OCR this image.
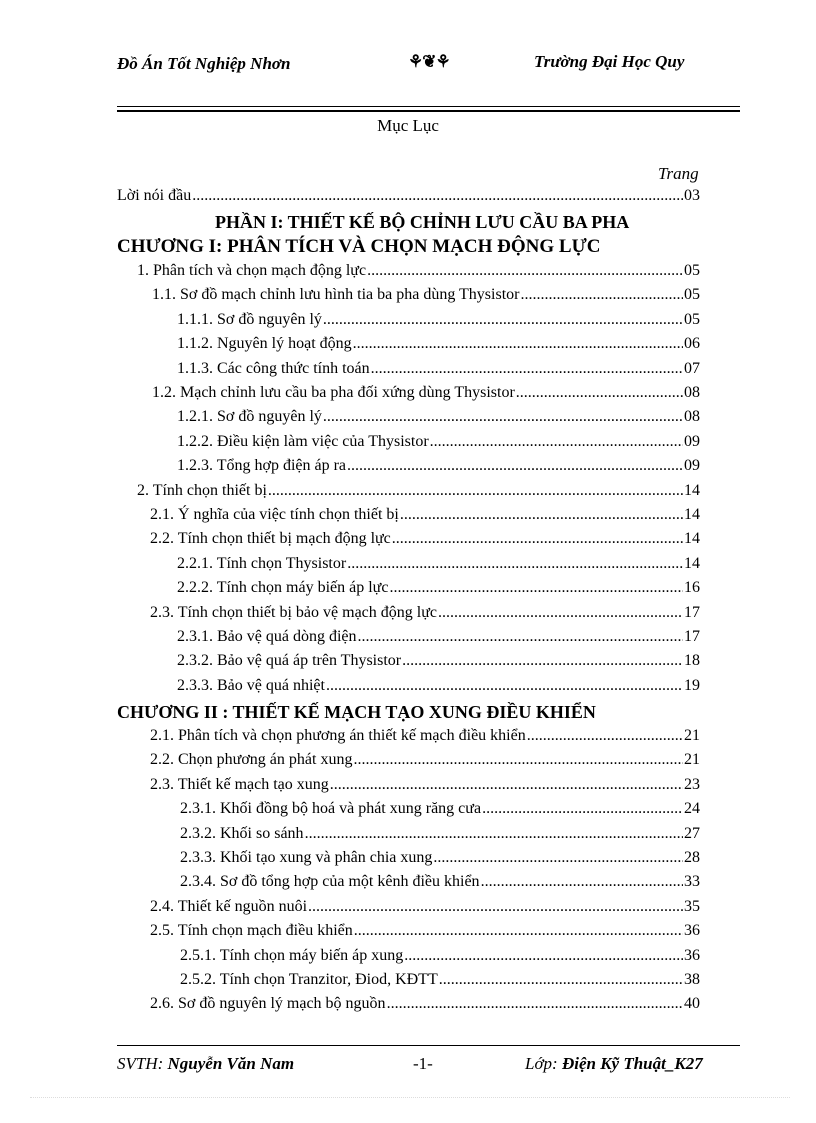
Đồ Án Tốt Nghiệp Nhơn	⚘❦⚘	Trường Đại Học Quy
Mục Lục
Trang
Lời nói đầu .....	03
PHẦN I: THIẾT KẾ BỘ CHỈNH LƯU CẦU BA PHA
CHƯƠNG I: PHÂN TÍCH VÀ CHỌN MẠCH ĐỘNG LỰC
1. Phân tích và chọn mạch động lực .....	05
1.1. Sơ đồ mạch chỉnh lưu hình tia ba pha dùng Thysistor .....	05
1.1.1. Sơ đồ nguyên lý .....	05
1.1.2. Nguyên lý hoạt động .....	06
1.1.3. Các công thức tính toán .....	07
1.2. Mạch chỉnh lưu cầu ba pha đối xứng dùng Thysistor .....	08
1.2.1. Sơ đồ nguyên lý .....	08
1.2.2. Điều kiện làm việc của Thysistor .....	09
1.2.3. Tổng hợp điện áp ra .....	09
2. Tính chọn thiết bị .....	14
2.1. Ý nghĩa của việc tính chọn thiết bị .....	14
2.2. Tính chọn thiết bị mạch động lực .....	14
2.2.1. Tính chọn Thysistor .....	14
2.2.2. Tính chọn máy biến áp lực .....	16
2.3. Tính chọn thiết bị bảo vệ mạch động lực .....	17
2.3.1. Bảo vệ quá dòng điện .....	17
2.3.2. Bảo vệ quá áp trên Thysistor .....	18
2.3.3. Bảo vệ quá nhiệt .....	19
CHƯƠNG II : THIẾT KẾ MẠCH TẠO XUNG ĐIỀU KHIỂN
2.1. Phân tích và chọn phương án thiết kế mạch điều khiển .....	21
2.2. Chọn phương án phát xung .....	21
2.3. Thiết kế mạch tạo xung .....	23
2.3.1. Khối đồng bộ hoá và phát xung răng cưa .....	24
2.3.2. Khối so sánh .....	27
2.3.3. Khối tạo xung và phân chia xung .....	28
2.3.4. Sơ đồ tổng hợp của một kênh điều khiển .....	33
2.4. Thiết kế nguồn nuôi .....	35
2.5. Tính chọn mạch điều khiển .....	36
2.5.1. Tính chọn máy biến áp xung .....	36
2.5.2. Tính chọn Tranzitor, Điod, KĐTT .....	38
2.6. Sơ đồ nguyên lý mạch bộ nguồn .....	40
SVTH: Nguyễn Văn Nam	-1-	Lớp: Điện Kỹ Thuật_K27
